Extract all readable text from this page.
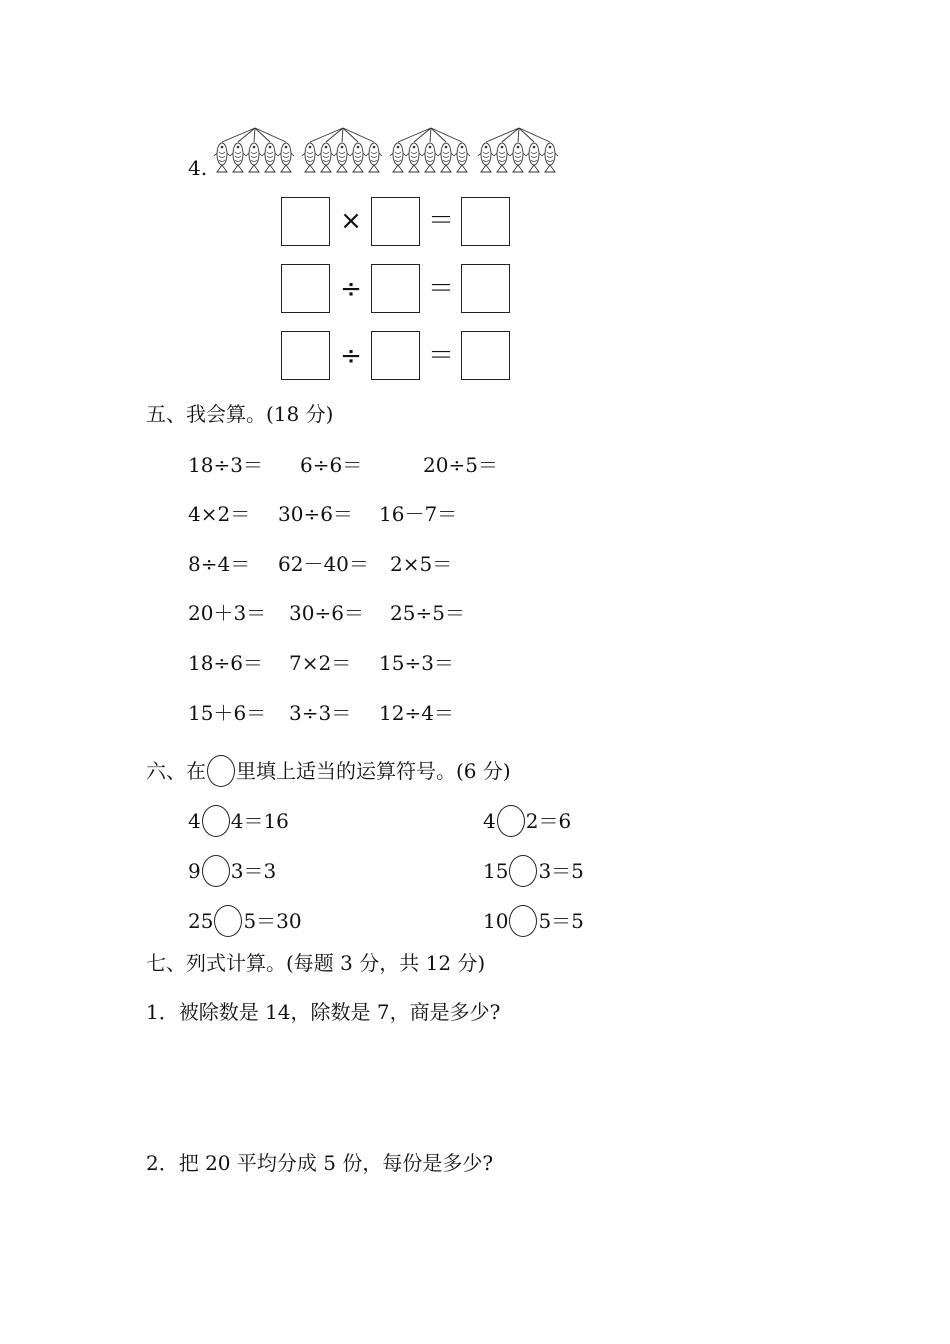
4.
×	＝
÷	＝
÷	＝
五、我会算。(18 分)
18÷3＝ 6÷6＝	20÷5＝
4×2＝ 30÷6＝ 16－7＝
8÷4＝ 62－40＝ 2×5＝
20＋3＝ 30÷6＝ 25÷5＝
18÷6＝ 7×2＝ 15÷3＝
15＋6＝ 3÷3＝ 12÷4＝
六、在 里填上适当的运算符号。(6 分)
4 4＝16	4 2＝6
9 3＝3	15 3＝5
25 5＝30	10 5＝5
七、列式计算。(每题 3 分，共 12 分)
1．被除数是 14，除数是 7，商是多少?
2．把 20 平均分成 5 份，每份是多少?
